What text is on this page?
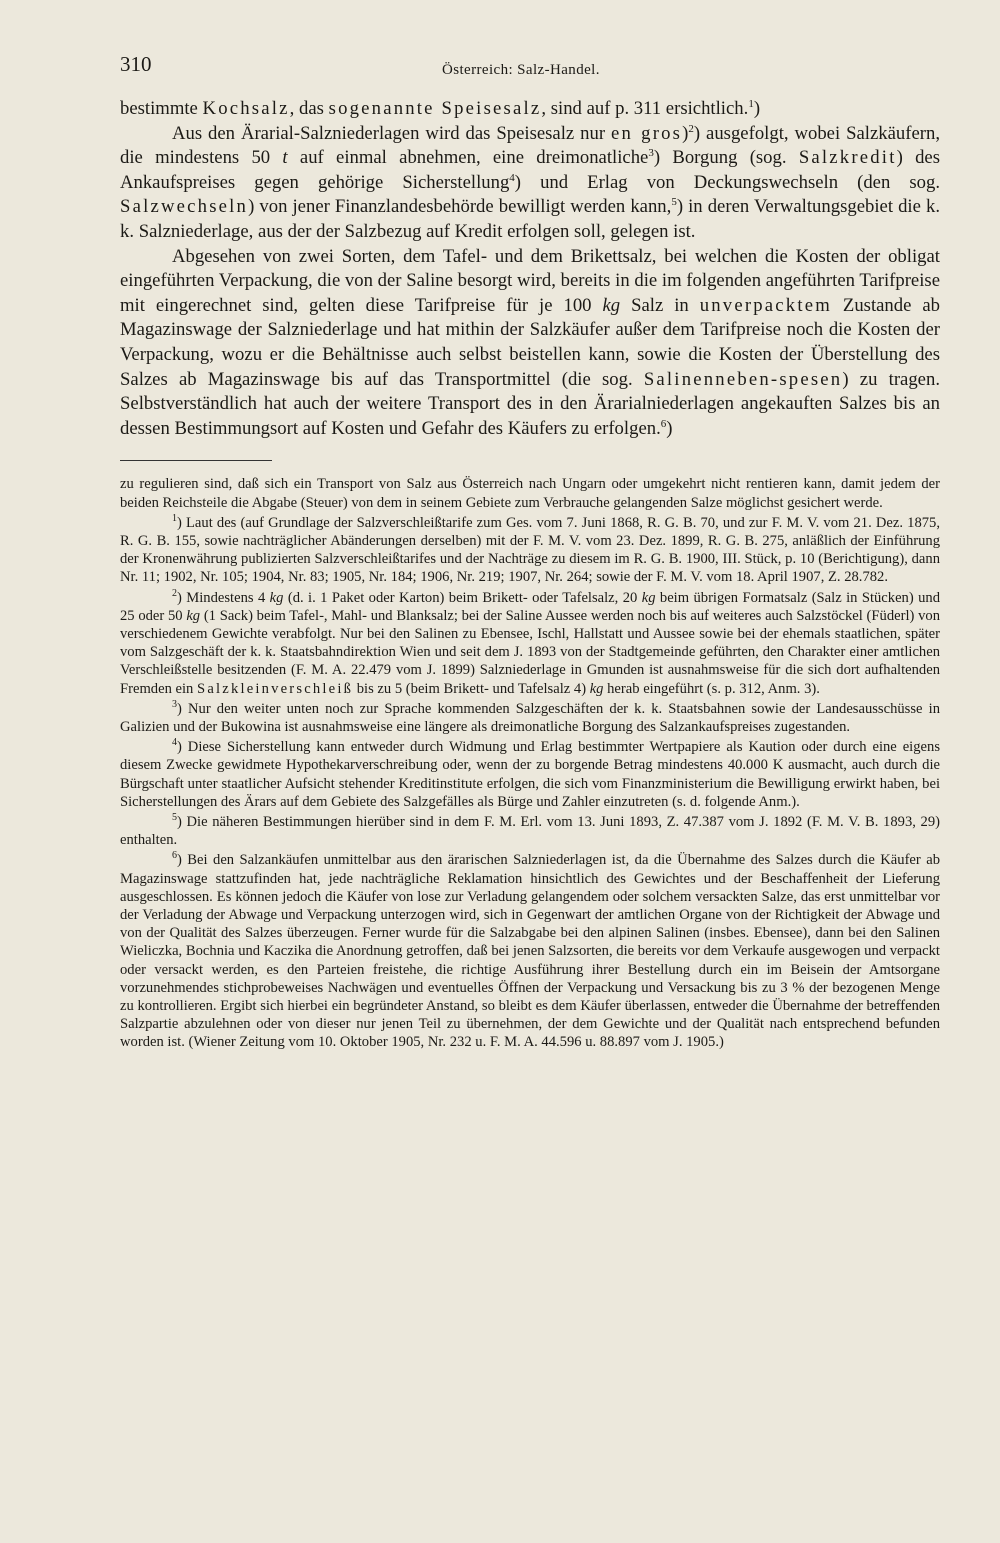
310	Österreich: Salz-Handel.

bestimmte Kochsalz, das sogenannte Speisesalz, sind auf p. 311 ersichtlich.$^1$)

Aus den Ärarial-Salzniederlagen wird das Speisesalz nur en gros)$^2$) ausgefolgt, wobei Salzkäufern, die mindestens 50 t auf einmal abnehmen, eine dreimonatliche$^3$) Borgung (sog. Salzkredit) des Ankaufspreises gegen gehörige Sicherstellung$^4$) und Erlag von Deckungswechseln (den sog. Salzwechseln) von jener Finanzlandesbehörde bewilligt werden kann,$^5$) in deren Verwaltungsgebiet die k. k. Salzniederlage, aus der der Salzbezug auf Kredit erfolgen soll, gelegen ist.

Abgesehen von zwei Sorten, dem Tafel- und dem Brikettsalz, bei welchen die Kosten der obligat eingeführten Verpackung, die von der Saline besorgt wird, bereits in die im folgenden angeführten Tarifpreise mit eingerechnet sind, gelten diese Tarifpreise für je 100 kg Salz in unverpacktem Zustande ab Magazinswage der Salzniederlage und hat mithin der Salzkäufer außer dem Tarifpreise noch die Kosten der Verpackung, wozu er die Behältnisse auch selbst beistellen kann, sowie die Kosten der Überstellung des Salzes ab Magazinswage bis auf das Transportmittel (die sog. Salinenneben-spesen) zu tragen. Selbstverständlich hat auch der weitere Transport des in den Ärarialniederlagen angekauften Salzes bis an dessen Bestimmungsort auf Kosten und Gefahr des Käufers zu erfolgen.$^6$)

zu regulieren sind, daß sich ein Transport von Salz aus Österreich nach Ungarn oder umgekehrt nicht rentieren kann, damit jedem der beiden Reichsteile die Abgabe (Steuer) von dem in seinem Gebiete zum Verbrauche gelangenden Salze möglichst gesichert werde.

$^1$) Laut des (auf Grundlage der Salzverschleißtarife zum Ges. vom 7. Juni 1868, R. G. B. 70, und zur F. M. V. vom 21. Dez. 1875, R. G. B. 155, sowie nachträglicher Abänderungen derselben) mit der F. M. V. vom 23. Dez. 1899, R. G. B. 275, anläßlich der Einführung der Kronenwährung publizierten Salzverschleißtarifes und der Nachträge zu diesem im R. G. B. 1900, III. Stück, p. 10 (Berichtigung), dann Nr. 11; 1902, Nr. 105; 1904, Nr. 83; 1905, Nr. 184; 1906, Nr. 219; 1907, Nr. 264; sowie der F. M. V. vom 18. April 1907, Z. 28.782.

$^2$) Mindestens 4 kg (d. i. 1 Paket oder Karton) beim Brikett- oder Tafelsalz, 20 kg beim übrigen Formatsalz (Salz in Stücken) und 25 oder 50 kg (1 Sack) beim Tafel-, Mahl- und Blanksalz; bei der Saline Aussee werden noch bis auf weiteres auch Salzstöckel (Füderl) von verschiedenem Gewichte verabfolgt. Nur bei den Salinen zu Ebensee, Ischl, Hallstatt und Aussee sowie bei der ehemals staatlichen, später vom Salzgeschäft der k. k. Staatsbahndirektion Wien und seit dem J. 1893 von der Stadtgemeinde geführten, den Charakter einer amtlichen Verschleißstelle besitzenden (F. M. A. 22.479 vom J. 1899) Salzniederlage in Gmunden ist ausnahmsweise für die sich dort aufhaltenden Fremden ein Salzkleinverschleiß bis zu 5 (beim Brikett- und Tafelsalz 4) kg herab eingeführt (s. p. 312, Anm. 3).

$^3$) Nur den weiter unten noch zur Sprache kommenden Salzgeschäften der k. k. Staatsbahnen sowie der Landesausschüsse in Galizien und der Bukowina ist ausnahmsweise eine längere als dreimonatliche Borgung des Salzankaufspreises zugestanden.

$^4$) Diese Sicherstellung kann entweder durch Widmung und Erlag bestimmter Wertpapiere als Kaution oder durch eine eigens diesem Zwecke gewidmete Hypothekarverschreibung oder, wenn der zu borgende Betrag mindestens 40.000 K ausmacht, auch durch die Bürgschaft unter staatlicher Aufsicht stehender Kreditinstitute erfolgen, die sich vom Finanzministerium die Bewilligung erwirkt haben, bei Sicherstellungen des Ärars auf dem Gebiete des Salzgefälles als Bürge und Zahler einzutreten (s. d. folgende Anm.).

$^5$) Die näheren Bestimmungen hierüber sind in dem F. M. Erl. vom 13. Juni 1893, Z. 47.387 vom J. 1892 (F. M. V. B. 1893, 29) enthalten.

$^6$) Bei den Salzankäufen unmittelbar aus den ärarischen Salzniederlagen ist, da die Übernahme des Salzes durch die Käufer ab Magazinswage stattzufinden hat, jede nachträgliche Reklamation hinsichtlich des Gewichtes und der Beschaffenheit der Lieferung ausgeschlossen. Es können jedoch die Käufer von lose zur Verladung gelangendem oder solchem versackten Salze, das erst unmittelbar vor der Verladung der Abwage und Verpackung unterzogen wird, sich in Gegenwart der amtlichen Organe von der Richtigkeit der Abwage und von der Qualität des Salzes überzeugen. Ferner wurde für die Salzabgabe bei den alpinen Salinen (insbes. Ebensee), dann bei den Salinen Wieliczka, Bochnia und Kaczika die Anordnung getroffen, daß bei jenen Salzsorten, die bereits vor dem Verkaufe ausgewogen und verpackt oder versackt werden, es den Parteien freistehe, die richtige Ausführung ihrer Bestellung durch ein im Beisein der Amtsorgane vorzunehmendes stichprobeweises Nachwägen und eventuelles Öffnen der Verpackung und Versackung bis zu 3 % der bezogenen Menge zu kontrollieren. Ergibt sich hierbei ein begründeter Anstand, so bleibt es dem Käufer überlassen, entweder die Übernahme der betreffenden Salzpartie abzulehnen oder von dieser nur jenen Teil zu übernehmen, der dem Gewichte und der Qualität nach entsprechend befunden worden ist. (Wiener Zeitung vom 10. Oktober 1905, Nr. 232 u. F. M. A. 44.596 u. 88.897 vom J. 1905.)
